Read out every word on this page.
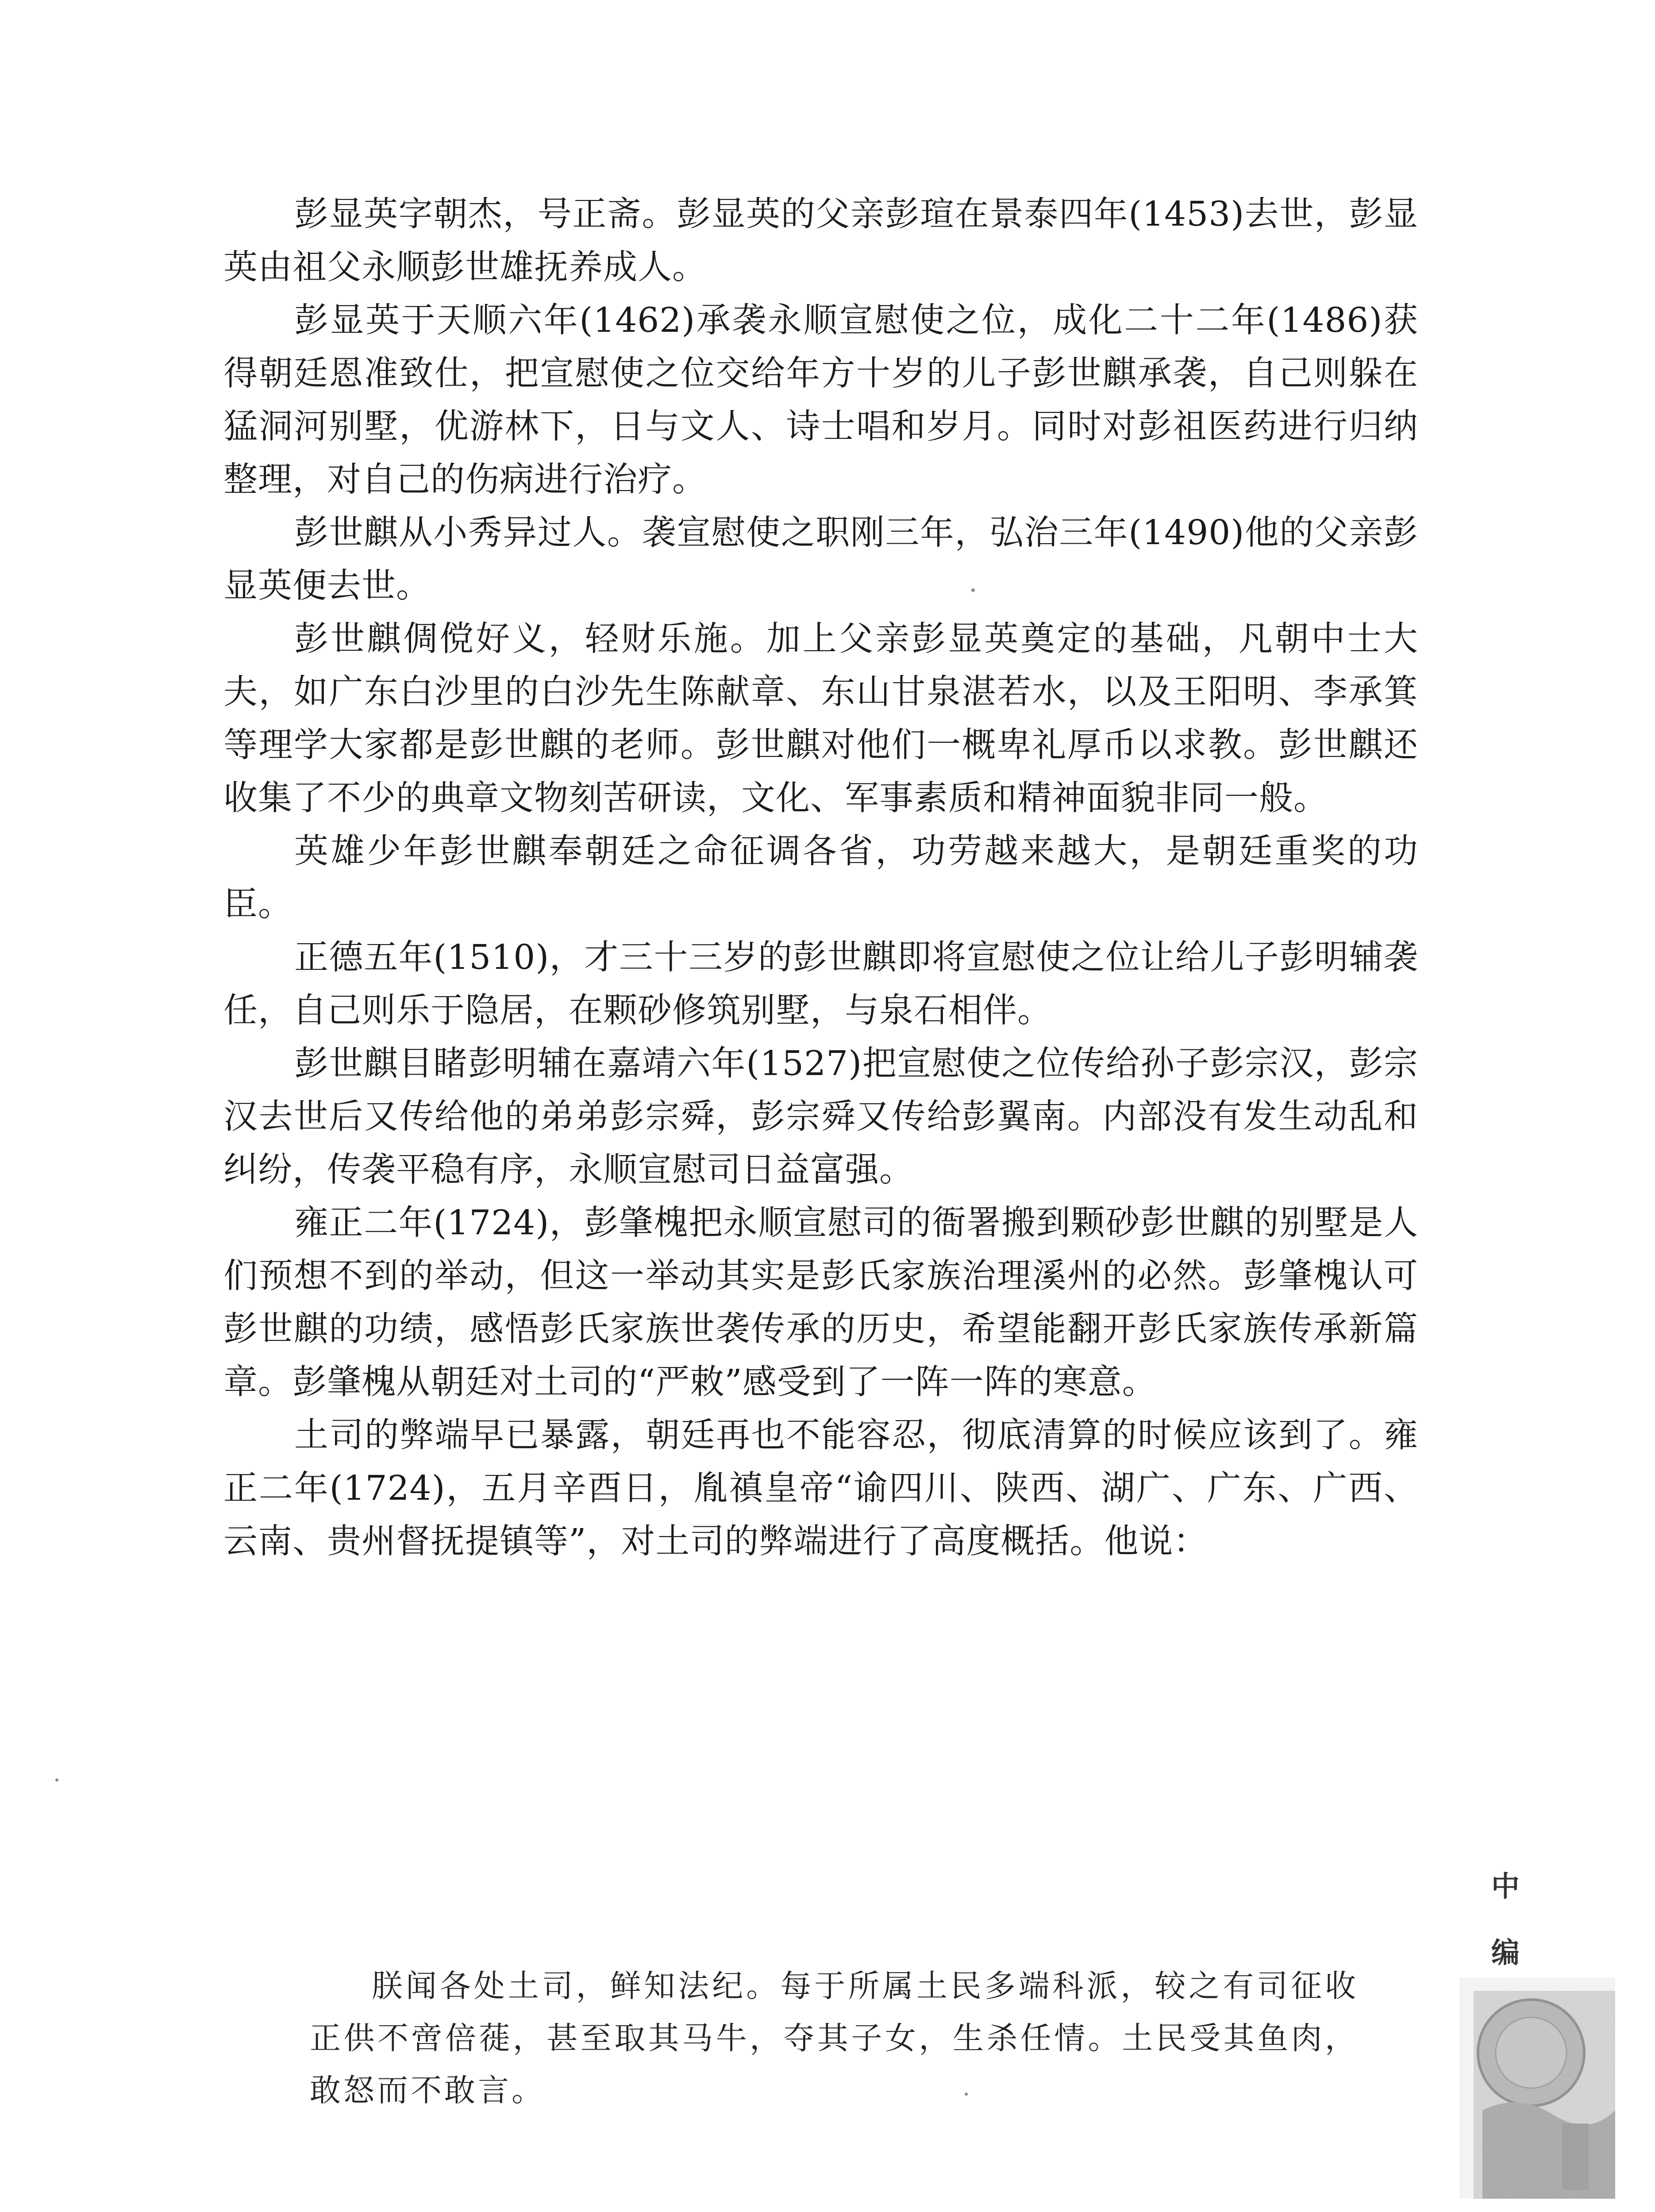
彭显英字朝杰，号正斋。彭显英的父亲彭瑄在景泰四年(1453)去世，彭显英由祖父永顺彭世雄抚养成人。

彭显英于天顺六年(1462)承袭永顺宣慰使之位，成化二十二年(1486)获得朝廷恩准致仕，把宣慰使之位交给年方十岁的儿子彭世麒承袭，自己则躲在猛洞河别墅，优游林下，日与文人、诗士唱和岁月。同时对彭祖医药进行归纳整理，对自己的伤病进行治疗。

彭世麒从小秀异过人。袭宣慰使之职刚三年，弘治三年(1490)他的父亲彭显英便去世。

彭世麒倜傥好义，轻财乐施。加上父亲彭显英奠定的基础，凡朝中士大夫，如广东白沙里的白沙先生陈献章、东山甘泉湛若水，以及王阳明、李承箕等理学大家都是彭世麒的老师。彭世麒对他们一概卑礼厚币以求教。彭世麒还收集了不少的典章文物刻苦研读，文化、军事素质和精神面貌非同一般。

英雄少年彭世麒奉朝廷之命征调各省，功劳越来越大，是朝廷重奖的功臣。

正德五年(1510)，才三十三岁的彭世麒即将宣慰使之位让给儿子彭明辅袭任，自己则乐于隐居，在颗砂修筑别墅，与泉石相伴。

彭世麒目睹彭明辅在嘉靖六年(1527)把宣慰使之位传给孙子彭宗汉，彭宗汉去世后又传给他的弟弟彭宗舜，彭宗舜又传给彭翼南。内部没有发生动乱和纠纷，传袭平稳有序，永顺宣慰司日益富强。

雍正二年(1724)，彭肇槐把永顺宣慰司的衙署搬到颗砂彭世麒的别墅是人们预想不到的举动，但这一举动其实是彭氏家族治理溪州的必然。彭肇槐认可彭世麒的功绩，感悟彭氏家族世袭传承的历史，希望能翻开彭氏家族传承新篇章。彭肇槐从朝廷对土司的“严敕”感受到了一阵一阵的寒意。

土司的弊端早已暴露，朝廷再也不能容忍，彻底清算的时候应该到了。雍正二年(1724)，五月辛酉日，胤禛皇帝“谕四川、陕西、湖广、广东、广西、云南、贵州督抚提镇等”，对土司的弊端进行了高度概括。他说：

朕闻各处土司，鲜知法纪。每于所属土民多端科派，较之有司征收正供不啻倍蓰，甚至取其马牛，夺其子女，生杀任情。土民受其鱼肉，敢怒而不敢言。

中
编
